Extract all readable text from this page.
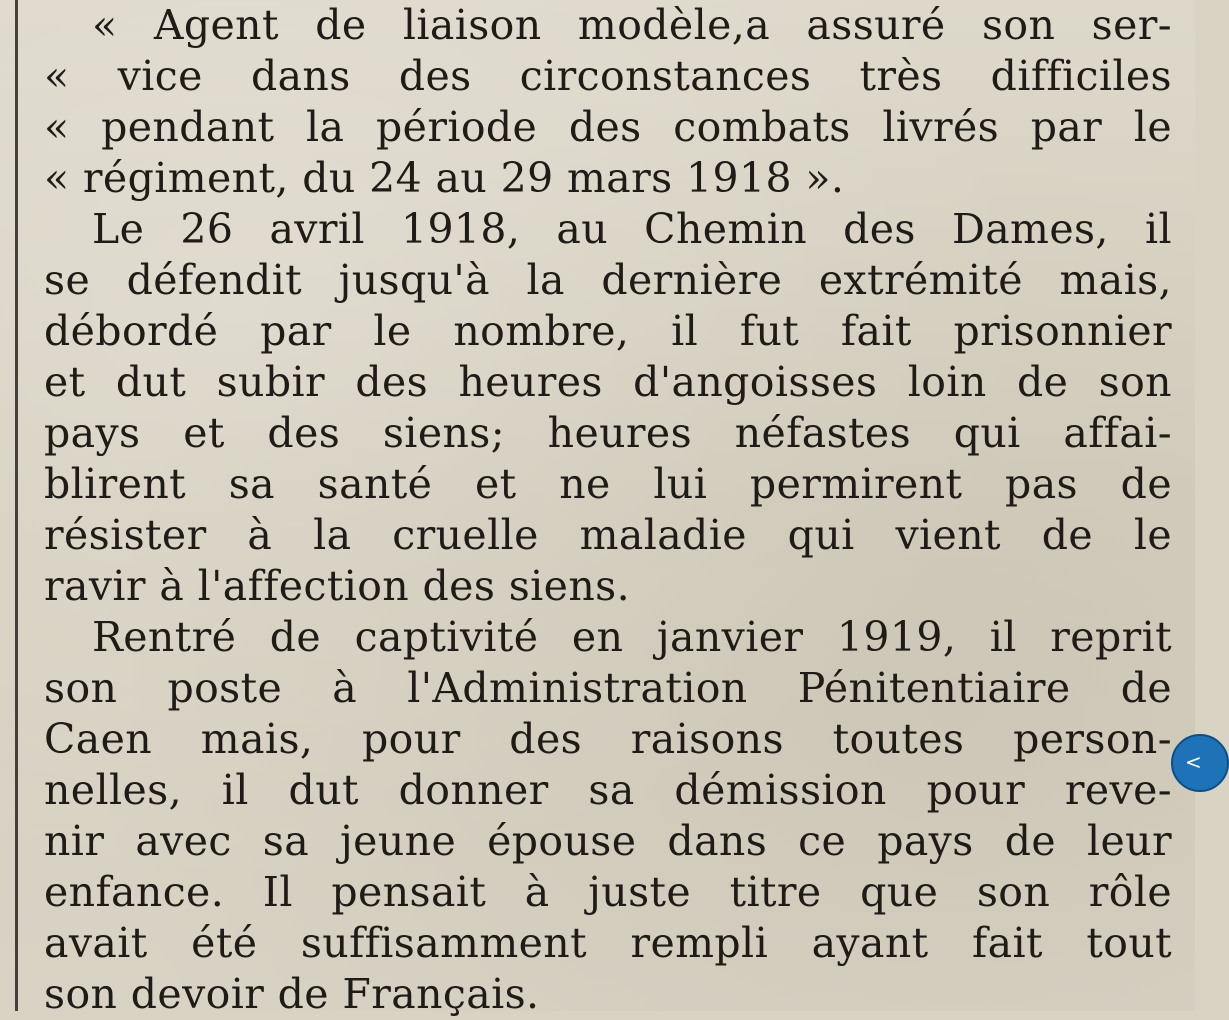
« Agent de liaison modèle,a assuré son ser-
« vice dans des circonstances très difficiles
« pendant la période des combats livrés par le
« régiment, du 24 au 29 mars 1918 ».
Le 26 avril 1918, au Chemin des Dames, il
se défendit jusqu'à la dernière extrémité mais,
débordé par le nombre, il fut fait prisonnier
et dut subir des heures d'angoisses loin de son
pays et des siens; heures néfastes qui affai-
blirent sa santé et ne lui permirent pas de
résister à la cruelle maladie qui vient de le
ravir à l'affection des siens.
Rentré de captivité en janvier 1919, il reprit
son poste à l'Administration Pénitentiaire de
Caen mais, pour des raisons toutes person-
nelles, il dut donner sa démission pour reve-
nir avec sa jeune épouse dans ce pays de leur
enfance. Il pensait à juste titre que son rôle
avait été suffisamment rempli ayant fait tout
son devoir de Français.
<
